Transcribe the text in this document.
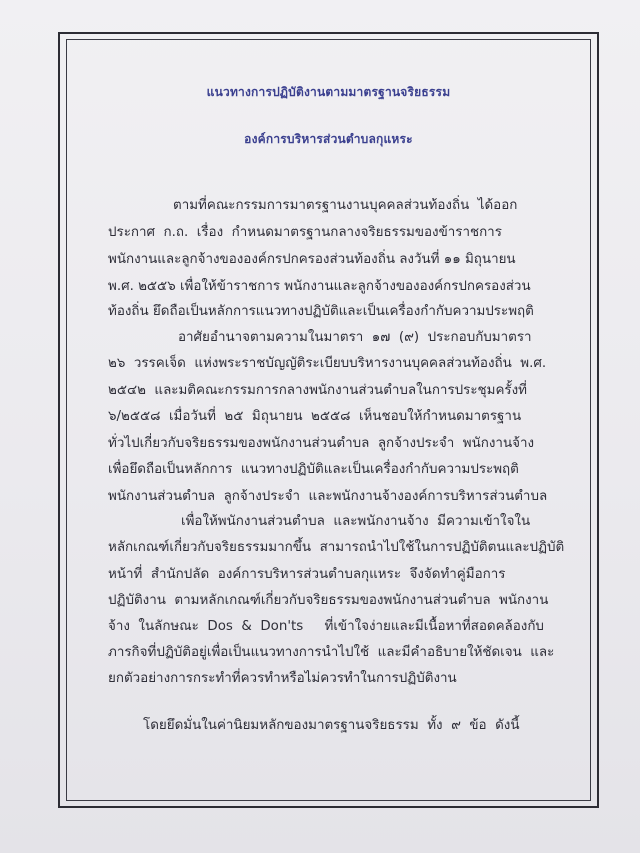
แนวทางการปฏิบัติงานตามมาตรฐานจริยธรรม
องค์การบริหารส่วนตำบลกุแหระ
ตามที่คณะกรรมการมาตรฐานงานบุคคลส่วนท้องถิ่น  ได้ออก
ประกาศ  ก.ถ.  เรื่อง  กำหนดมาตรฐานกลางจริยธรรมของข้าราชการ
พนักงานและลูกจ้างขององค์กรปกครองส่วนท้องถิ่น ลงวันที่ ๑๑ มิถุนายน
พ.ศ. ๒๕๕๖ เพื่อให้ข้าราชการ พนักงานและลูกจ้างขององค์กรปกครองส่วน
ท้องถิ่น ยึดถือเป็นหลักการแนวทางปฏิบัติและเป็นเครื่องกำกับความประพฤติ
อาศัยอำนาจตามความในมาตรา  ๑๗  (๙)  ประกอบกับมาตรา
๒๖  วรรคเจ็ด  แห่งพระราชบัญญัติระเบียบบริหารงานบุคคลส่วนท้องถิ่น  พ.ศ.
๒๕๔๒  และมติคณะกรรมการกลางพนักงานส่วนตำบลในการประชุมครั้งที่
๖/๒๕๕๘  เมื่อวันที่  ๒๕  มิถุนายน  ๒๕๕๘  เห็นชอบให้กำหนดมาตรฐาน
ทั่วไปเกี่ยวกับจริยธรรมของพนักงานส่วนตำบล  ลูกจ้างประจำ  พนักงานจ้าง
เพื่อยึดถือเป็นหลักการ  แนวทางปฏิบัติและเป็นเครื่องกำกับความประพฤติ
พนักงานส่วนตำบล  ลูกจ้างประจำ  และพนักงานจ้างองค์การบริหารส่วนตำบล
เพื่อให้พนักงานส่วนตำบล  และพนักงานจ้าง  มีความเข้าใจใน
หลักเกณฑ์เกี่ยวกับจริยธรรมมากขึ้น  สามารถนำไปใช้ในการปฏิบัติตนและปฏิบัติ
หน้าที่  สำนักปลัด  องค์การบริหารส่วนตำบลกุแหระ  จึงจัดทำคู่มือการ
ปฏิบัติงาน  ตามหลักเกณฑ์เกี่ยวกับจริยธรรมของพนักงานส่วนตำบล  พนักงาน
จ้าง  ในลักษณะ  Dos  &  Don'ts     ที่เข้าใจง่ายและมีเนื้อหาที่สอดคล้องกับ
ภารกิจที่ปฏิบัติอยู่เพื่อเป็นแนวทางการนำไปใช้  และมีคำอธิบายให้ชัดเจน  และ
ยกตัวอย่างการกระทำที่ควรทำหรือไม่ควรทำในการปฏิบัติงาน
โดยยึดมั่นในค่านิยมหลักของมาตรฐานจริยธรรม  ทั้ง  ๙  ข้อ  ดังนี้
